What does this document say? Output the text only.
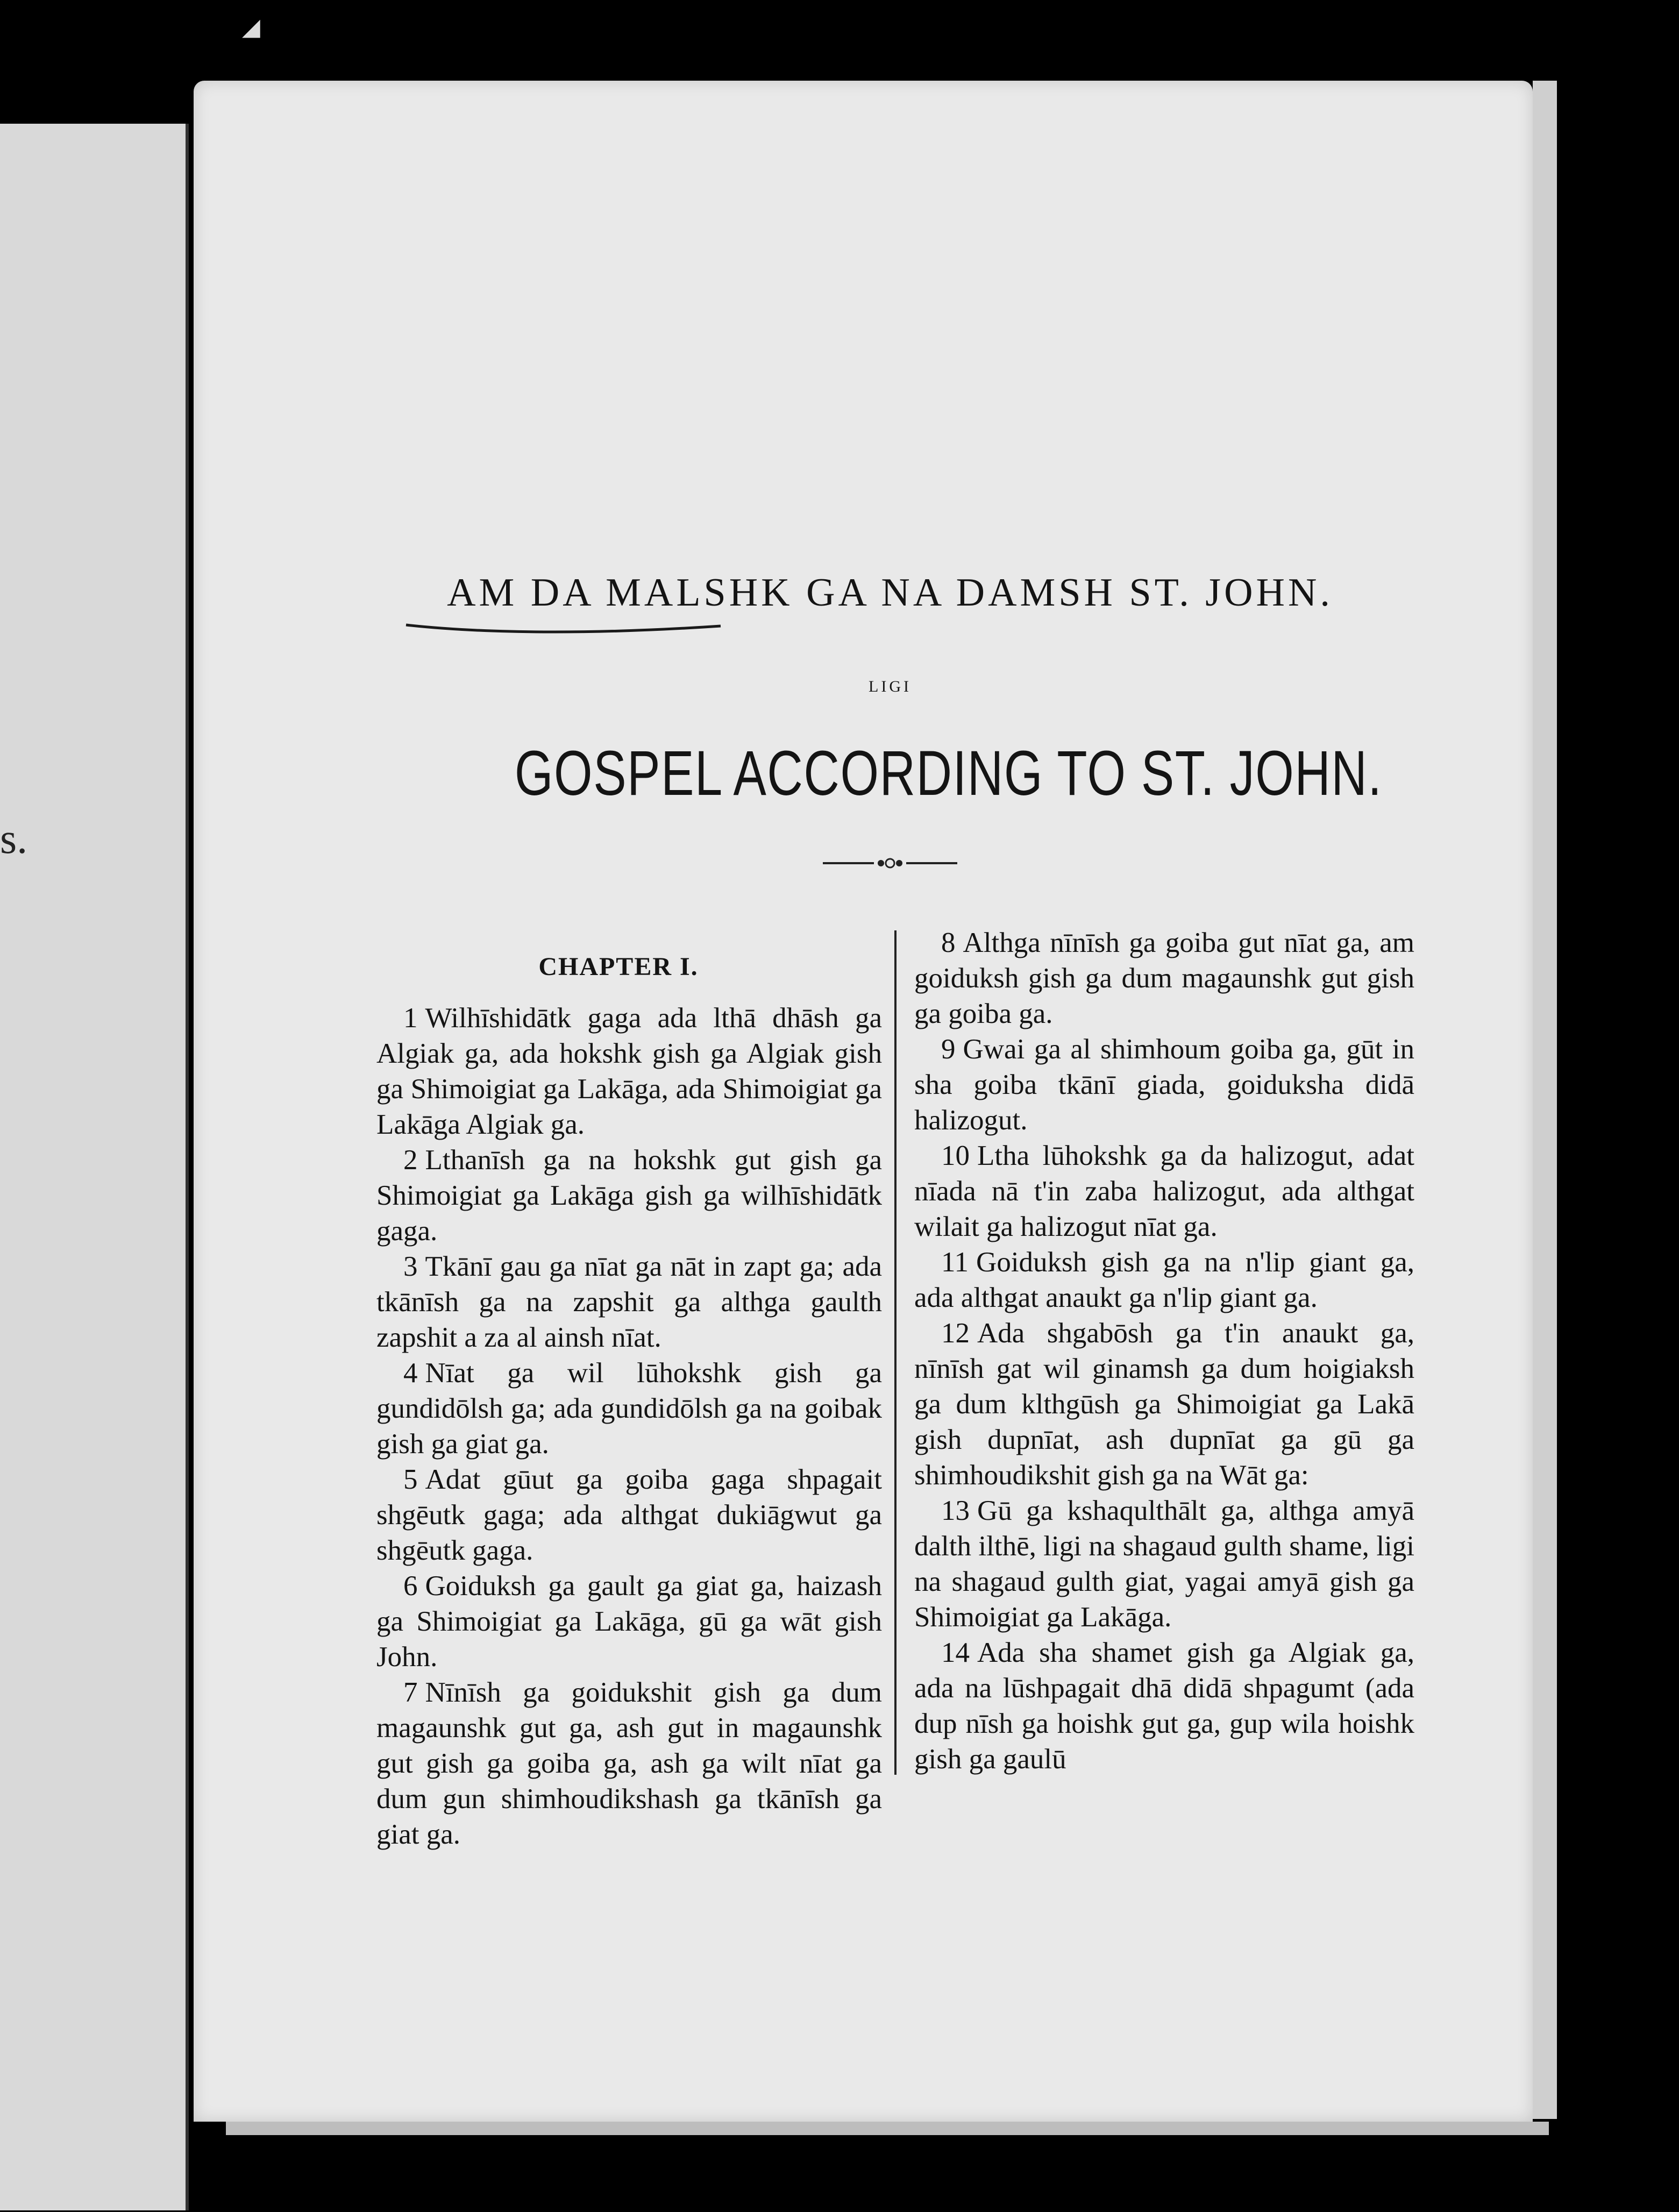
s.
◢
AM DA MALSHK GA NA DAMSH ST. JOHN.
LIGI
GOSPEL ACCORDING TO ST. JOHN.
CHAPTER I.

1 Wilhīshidātk gaga ada lthā dhāsh ga Algiak ga, ada hokshk gish ga Algiak gish ga Shimoigiat ga Lakāga, ada Shimoigiat ga Lakāga Algiak ga.

2 Lthanīsh ga na hokshk gut gish ga Shimoigiat ga Lakāga gish ga wilhīshidātk gaga.

3 Tkānī gau ga nīat ga nāt in zapt ga; ada tkānīsh ga na zapshit ga althga gaulth zapshit a za al ainsh nīat.

4 Nīat ga wil lūhokshk gish ga gundidōlsh ga; ada gundidōlsh ga na goibak gish ga giat ga.

5 Adat gūut ga goiba gaga shpagait shgēutk gaga; ada althgat dukiāgwut ga shgēutk gaga.

6 Goiduksh ga gault ga giat ga, haizash ga Shimoigiat ga Lakāga, gū ga wāt gish John.

7 Nīnīsh ga goidukshit gish ga dum magaunshk gut ga, ash gut in magaunshk gut gish ga goiba ga, ash ga wilt nīat ga dum gun shimhoudikshash ga tkānīsh ga giat ga.

8 Althga nīnīsh ga goiba gut nīat ga, am goiduksh gish ga dum magaunshk gut gish ga goiba ga.

9 Gwai ga al shimhoum goiba ga, gūt in sha goiba tkānī giada, goiduksha didā halizogut.

10 Ltha lūhokshk ga da halizogut, adat nīada nā t'in zaba halizogut, ada althgat wilait ga halizogut nīat ga.

11 Goiduksh gish ga na n'lip giant ga, ada althgat anaukt ga n'lip giant ga.

12 Ada shgabōsh ga t'in anaukt ga, nīnīsh gat wil ginamsh ga dum hoigiaksh ga dum klthgūsh ga Shimoigiat ga Lakā gish dupnīat, ash dupnīat ga gū ga shimhoudikshit gish ga na Wāt ga:

13 Gū ga kshaqulthālt ga, althga amyā dalth ilthē, ligi na shagaud gulth shame, ligi na shagaud gulth giat, yagai amyā gish ga Shimoigiat ga Lakāga.

14 Ada sha shamet gish ga Algiak ga, ada na lūshpagait dhā didā shpagumt (ada dup nīsh ga hoishk gut ga, gup wila hoishk gish ga gaulū
